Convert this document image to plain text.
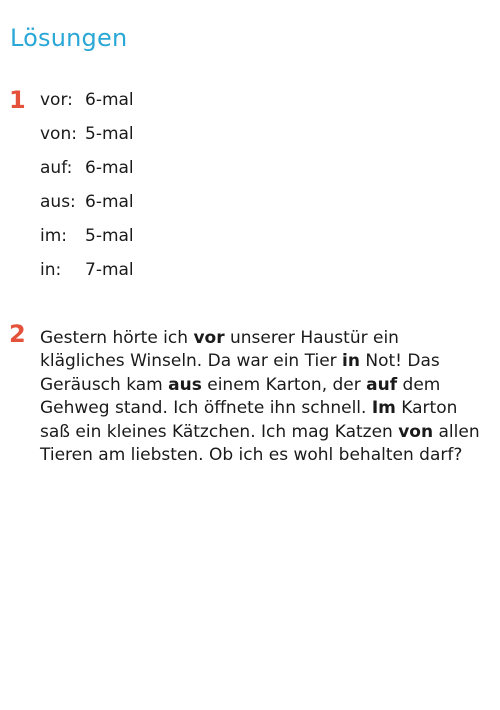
Lösungen
1 vor: 6-mal
von: 5-mal
auf: 6-mal
aus: 6-mal
im: 5-mal
in: 7-mal
2 Gestern hörte ich vor unserer Haustür ein klägliches Winseln. Da war ein Tier in Not! Das Geräusch kam aus einem Karton, der auf dem Gehweg stand. Ich öffnete ihn schnell. Im Karton saß ein kleines Kätzchen. Ich mag Katzen von allen Tieren am liebsten. Ob ich es wohl behalten darf?
